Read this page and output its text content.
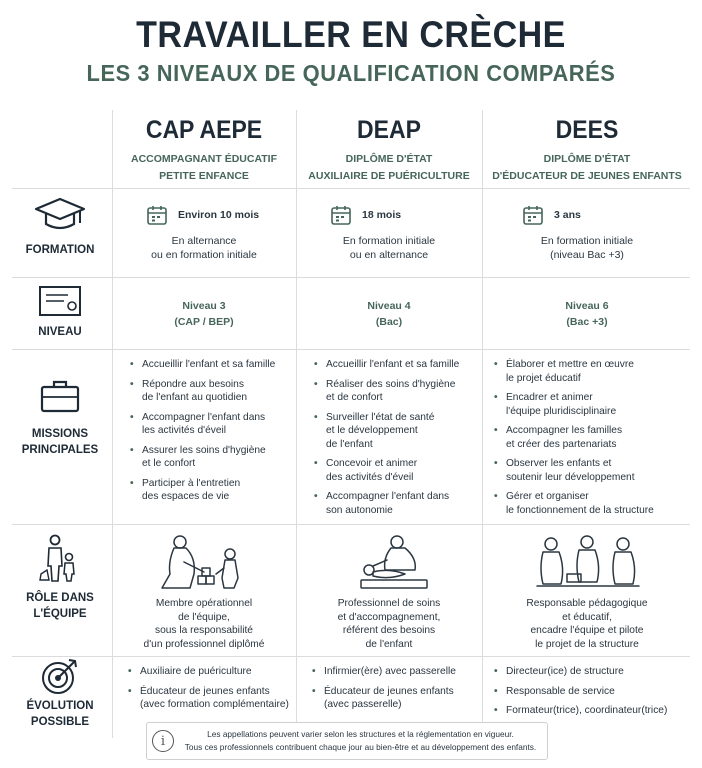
TRAVAILLER EN CRÈCHE
LES 3 NIVEAUX DE QUALIFICATION COMPARÉS
CAP AEPE
ACCOMPAGNANT ÉDUCATIF
PETITE ENFANCE
DEAP
DIPLÔME D'ÉTAT
AUXILIAIRE DE PUÉRICULTURE
DEES
DIPLÔME D'ÉTAT
D'ÉDUCATEUR DE JEUNES ENFANTS
FORMATION
NIVEAU
MISSIONS
PRINCIPALES
RÔLE DANS
L'ÉQUIPE
ÉVOLUTION
POSSIBLE
Environ 10 mois
En alternance
ou en formation initiale
18 mois
En formation initiale
ou en alternance
3 ans
En formation initiale
(niveau Bac +3)
Niveau 3
(CAP / BEP)
Niveau 4
(Bac)
Niveau 6
(Bac +3)
• Accueillir l'enfant et sa famille
• Répondre aux besoins
de l'enfant au quotidien
• Accompagner l'enfant dans
les activités d'éveil
• Assurer les soins d'hygiène
et le confort
• Participer à l'entretien
des espaces de vie
• Accueillir l'enfant et sa famille
• Réaliser des soins d'hygiène
et de confort
• Surveiller l'état de santé
et le développement
de l'enfant
• Concevoir et animer
des activités d'éveil
• Accompagner l'enfant dans
son autonomie
• Élaborer et mettre en œuvre
le projet éducatif
• Encadrer et animer
l'équipe pluridisciplinaire
• Accompagner les familles
et créer des partenariats
• Observer les enfants et
soutenir leur développement
• Gérer et organiser
le fonctionnement de la structure
Membre opérationnel
de l'équipe,
sous la responsabilité
d'un professionnel diplômé
Professionnel de soins
et d'accompagnement,
référent des besoins
de l'enfant
Responsable pédagogique
et éducatif,
encadre l'équipe et pilote
le projet de la structure
• Auxiliaire de puériculture
• Éducateur de jeunes enfants
(avec formation complémentaire)
• Infirmier(ère) avec passerelle
• Éducateur de jeunes enfants
(avec passerelle)
• Directeur(ice) de structure
• Responsable de service
• Formateur(trice), coordinateur(trice)
i	Les appellations peuvent varier selon les structures et la réglementation en vigueur.
Tous ces professionnels contribuent chaque jour au bien-être et au développement des enfants.
